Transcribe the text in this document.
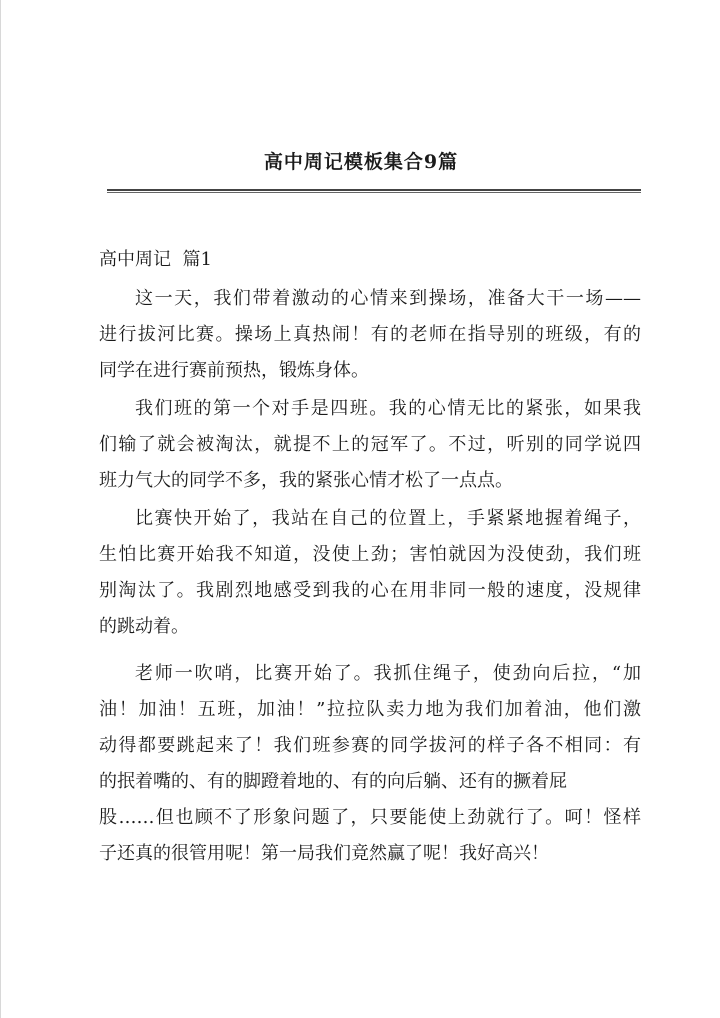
高中周记模板集合9篇
高中周记  篇1
这一天，我们带着激动的心情来到操场，准备大干一场——
进行拔河比赛。操场上真热闹！有的老师在指导别的班级，有的
同学在进行赛前预热，锻炼身体。
我们班的第一个对手是四班。我的心情无比的紧张，如果我
们输了就会被淘汰，就提不上的冠军了。不过，听别的同学说四
班力气大的同学不多，我的紧张心情才松了一点点。
比赛快开始了，我站在自己的位置上，手紧紧地握着绳子，
生怕比赛开始我不知道，没使上劲；害怕就因为没使劲，我们班
别淘汰了。我剧烈地感受到我的心在用非同一般的速度，没规律
的跳动着。
老师一吹哨，比赛开始了。我抓住绳子，使劲向后拉，“加
油！加油！五班，加油！”拉拉队卖力地为我们加着油，他们激
动得都要跳起来了！我们班参赛的同学拔河的样子各不相同：有
的抿着嘴的、有的脚蹬着地的、有的向后躺、还有的撅着屁
股……但也顾不了形象问题了，只要能使上劲就行了。呵！怪样
子还真的很管用呢！第一局我们竟然赢了呢！我好高兴！
